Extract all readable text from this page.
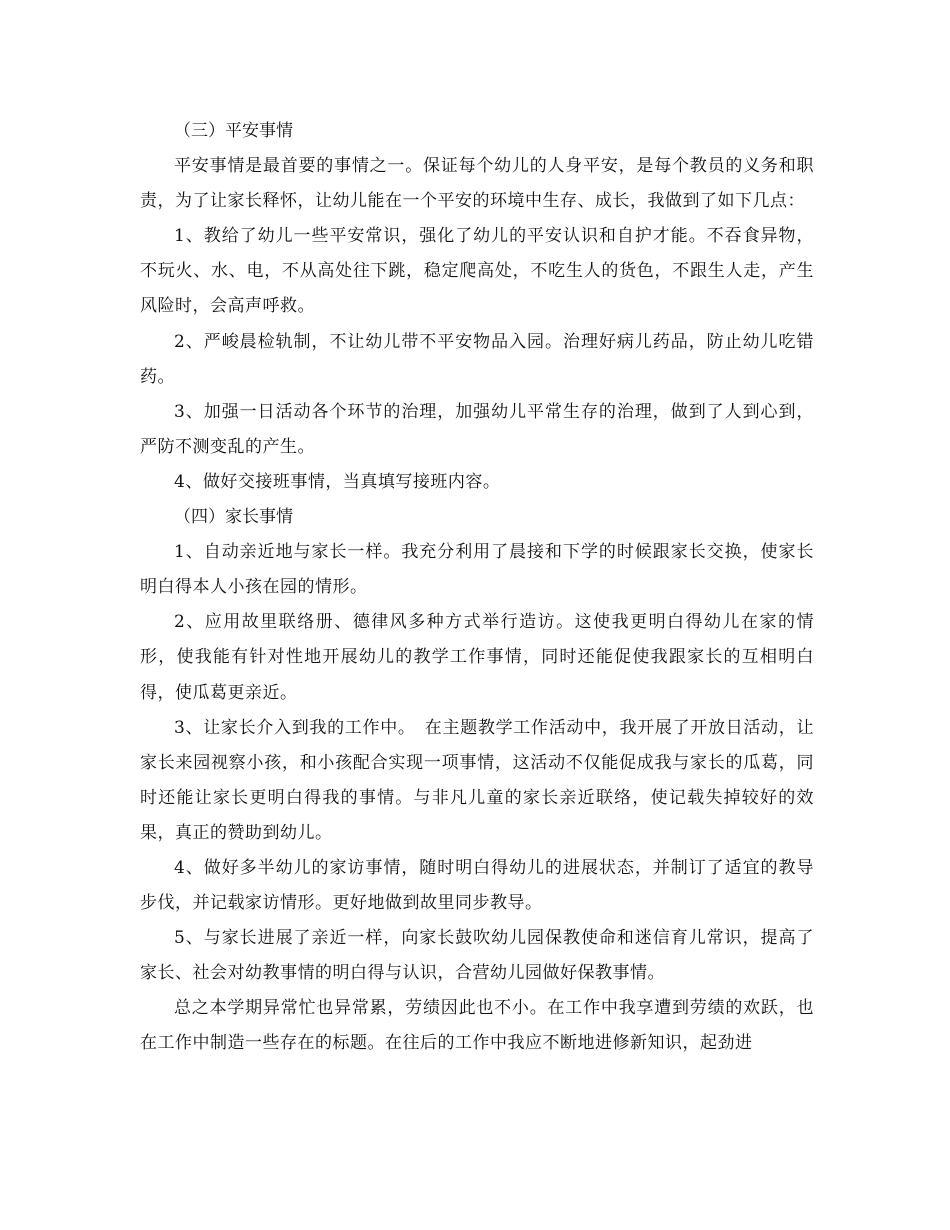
（三）平安事情

平安事情是最首要的事情之一。保证每个幼儿的人身平安，是每个教员的义务和职责，为了让家长释怀，让幼儿能在一个平安的环境中生存、成长，我做到了如下几点：

1、教给了幼儿一些平安常识，强化了幼儿的平安认识和自护才能。不吞食异物，不玩火、水、电，不从高处往下跳，稳定爬高处，不吃生人的货色，不跟生人走，产生风险时，会高声呼救。

2、严峻晨检轨制，不让幼儿带不平安物品入园。治理好病儿药品，防止幼儿吃错药。

3、加强一日活动各个环节的治理，加强幼儿平常生存的治理，做到了人到心到，严防不测变乱的产生。

4、做好交接班事情，当真填写接班内容。

（四）家长事情

1、自动亲近地与家长一样。我充分利用了晨接和下学的时候跟家长交换，使家长明白得本人小孩在园的情形。

2、应用故里联络册、德律风多种方式举行造访。这使我更明白得幼儿在家的情形，使我能有针对性地开展幼儿的教学工作事情，同时还能促使我跟家长的互相明白得，使瓜葛更亲近。

3、让家长介入到我的工作中。　在主题教学工作活动中，我开展了开放日活动，让家长来园视察小孩，和小孩配合实现一项事情，这活动不仅能促成我与家长的瓜葛，同时还能让家长更明白得我的事情。与非凡儿童的家长亲近联络，使记载失掉较好的效果，真正的赞助到幼儿。

4、做好多半幼儿的家访事情，随时明白得幼儿的进展状态，并制订了适宜的教导步伐，并记载家访情形。更好地做到故里同步教导。

5、与家长进展了亲近一样，向家长鼓吹幼儿园保教使命和迷信育儿常识，提高了家长、社会对幼教事情的明白得与认识，合营幼儿园做好保教事情。

总之本学期异常忙也异常累，劳绩因此也不小。在工作中我享遭到劳绩的欢跃，也在工作中制造一些存在的标题。在往后的工作中我应不断地进修新知识，起劲进
